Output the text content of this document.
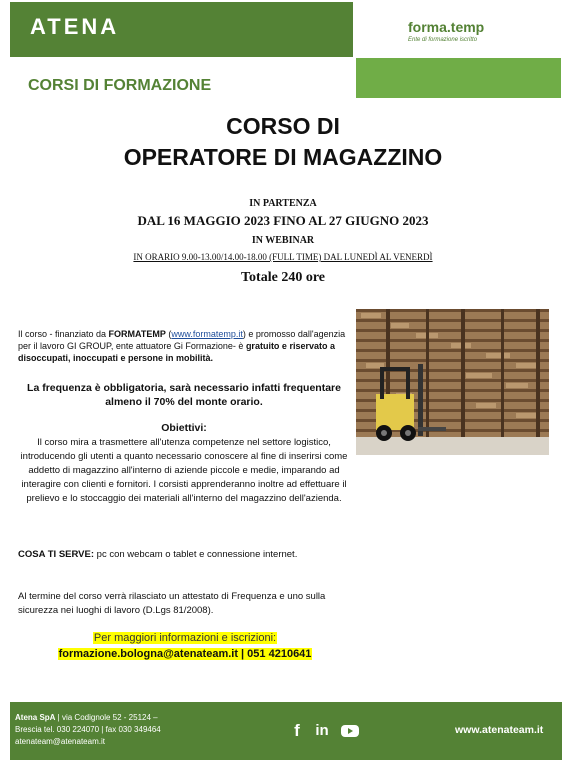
ATENA	forma.temp
Ente di formazione iscritto
CORSI DI FORMAZIONE
CORSO DI
OPERATORE DI MAGAZZINO
IN PARTENZA
DAL 16 MAGGIO 2023 FINO AL 27 GIUGNO 2023
IN WEBINAR
IN ORARIO 9.00-13.00/14.00-18.00 (FULL TIME) DAL LUNEDÌ AL VENERDÌ
Totale 240 ore
Il corso - finanziato da FORMATEMP (www.formatemp.it) e promosso dall'agenzia per il lavoro GI GROUP, ente attuatore Gi Formazione- è gratuito e riservato a disoccupati, inoccupati e persone in mobilità.
La frequenza è obbligatoria, sarà necessario infatti frequentare almeno il 70% del monte orario.
Obiettivi:
Il corso mira a trasmettere all'utenza competenze nel settore logistico, introducendo gli utenti a quanto necessario conoscere al fine di inserirsi come addetto di magazzino all'interno di aziende piccole e medie, imparando ad interagire con clienti e fornitori. I corsisti apprenderanno inoltre ad effettuare il prelievo e lo stoccaggio dei materiali all'interno del magazzino dell'azienda.
COSA TI SERVE: pc con webcam o tablet e connessione internet.
Al termine del corso verrà rilasciato un attestato di Frequenza e uno sulla sicurezza nei luoghi di lavoro (D.Lgs 81/2008).
Per maggiori informazioni e iscrizioni:
formazione.bologna@atenateam.it | 051 4210641
Atena SpA | via Codignole 52 - 25124 –
Brescia tel. 030 224070 | fax 030 349464
atenateam@atenateam.it
f	in	www.atenateam.it
